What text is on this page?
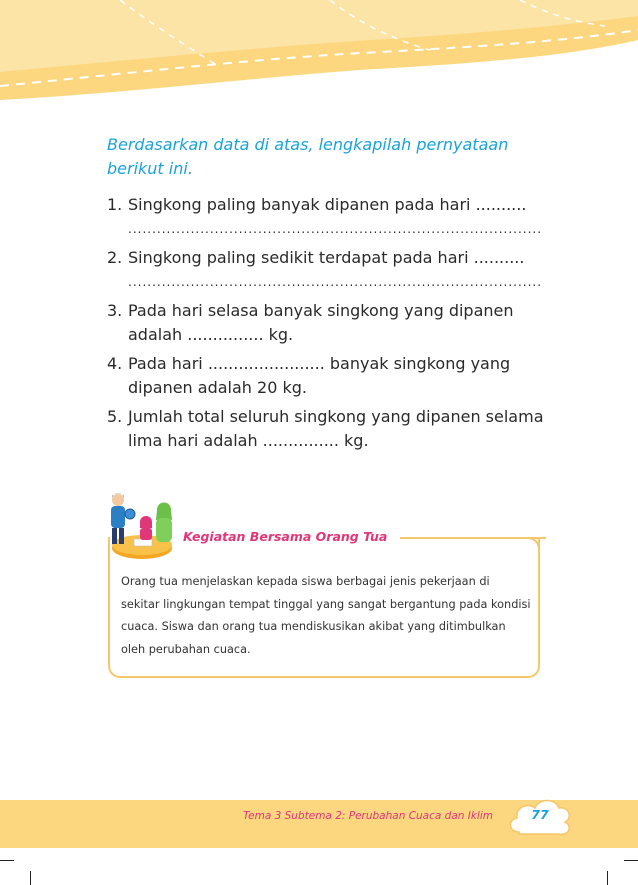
Berdasarkan data di atas, lengkapilah pernyataan
berikut ini.
1. Singkong paling banyak dipanen pada hari ..........
......................................................................................
2. Singkong paling sedikit terdapat pada hari ..........
......................................................................................
3. Pada hari selasa banyak singkong yang dipanen adalah ............... kg.
4. Pada hari ....................... banyak singkong yang dipanen adalah 20 kg.
5. Jumlah total seluruh singkong yang dipanen selama lima hari adalah ............... kg.
Kegiatan Bersama Orang Tua
Orang tua menjelaskan kepada siswa berbagai jenis pekerjaan di sekitar lingkungan tempat tinggal yang sangat bergantung pada kondisi cuaca. Siswa dan orang tua mendiskusikan akibat yang ditimbulkan oleh perubahan cuaca.
Tema 3 Subtema 2: Perubahan Cuaca dan Iklim	77
